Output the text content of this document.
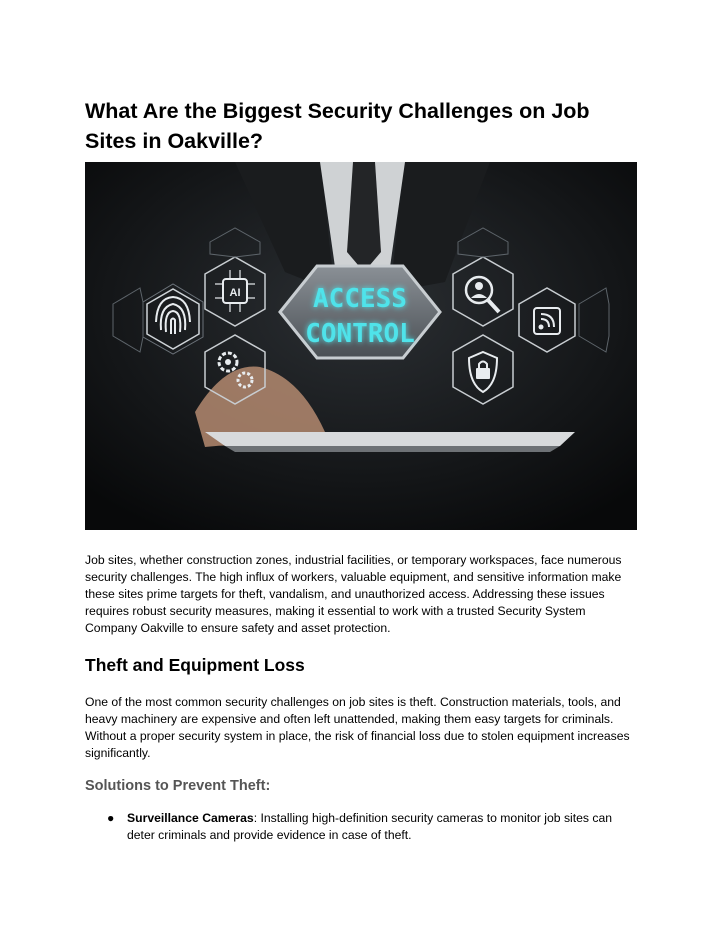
What Are the Biggest Security Challenges on Job Sites in Oakville?
AI	ACCESS
CONTROL

Job sites, whether construction zones, industrial facilities, or temporary workspaces, face numerous security challenges. The high influx of workers, valuable equipment, and sensitive information make these sites prime targets for theft, vandalism, and unauthorized access. Addressing these issues requires robust security measures, making it essential to work with a trusted Security System Company Oakville to ensure safety and asset protection.

Theft and Equipment Loss

One of the most common security challenges on job sites is theft. Construction materials, tools, and heavy machinery are expensive and often left unattended, making them easy targets for criminals. Without a proper security system in place, the risk of financial loss due to stolen equipment increases significantly.

Solutions to Prevent Theft:
● Surveillance Cameras: Installing high-definition security cameras to monitor job sites can deter criminals and provide evidence in case of theft.
